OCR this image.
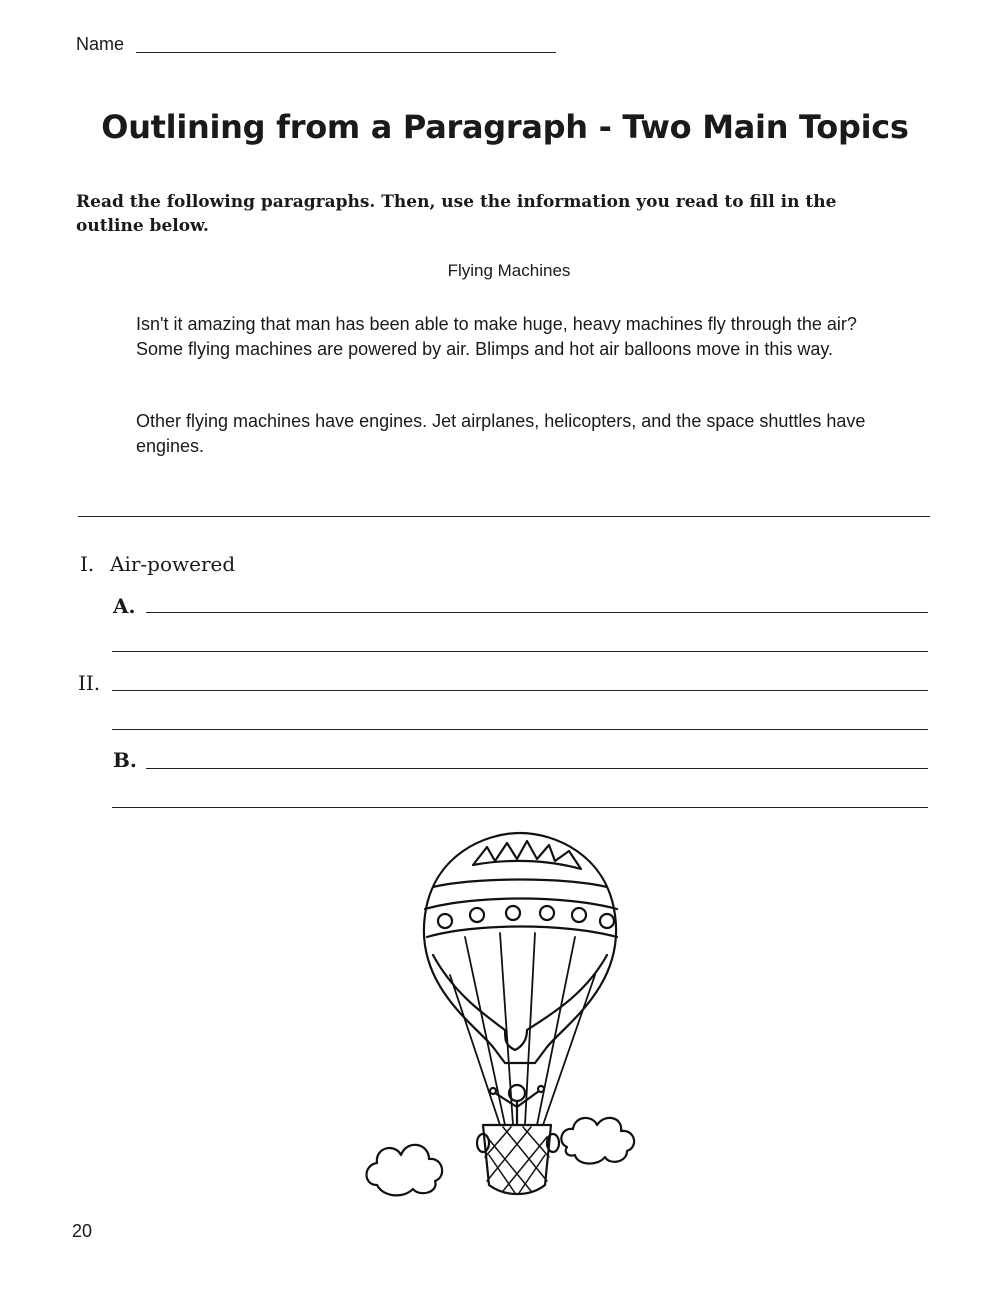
Name
Outlining from a Paragraph - Two Main Topics
Read the following paragraphs. Then, use the information you read to fill in the outline below.
Flying Machines
Isn't it amazing that man has been able to make huge, heavy machines fly through the air? Some flying machines are powered by air. Blimps and hot air balloons move in this way.
Other flying machines have engines. Jet airplanes, helicopters, and the space shuttles have engines.
I. Air-powered
A.
II.
B.
20
